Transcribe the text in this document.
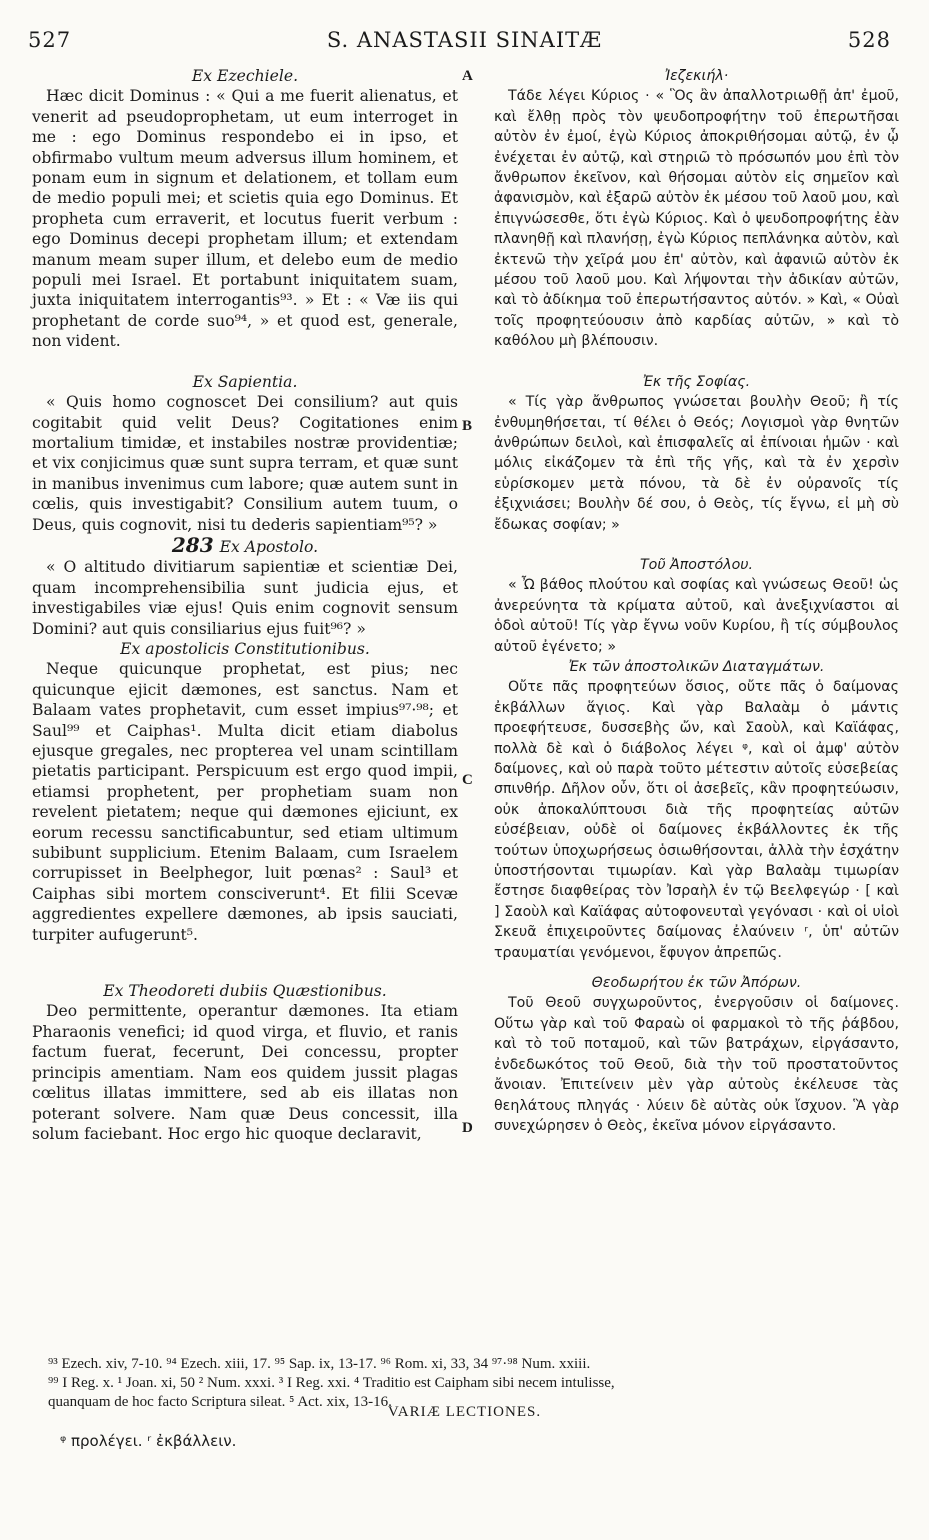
527	S. ANASTASII SINAITÆ	528
A
B
C
D

Ex Ezechiele.

Hæc dicit Dominus : « Qui a me fuerit alienatus, et venerit ad pseudoprophetam, ut eum interroget in me : ego Dominus respondebo ei in ipso, et obfirmabo vultum meum adversus illum hominem, et ponam eum in signum et delationem, et tollam eum de medio populi mei; et scietis quia ego Dominus. Et propheta cum erraverit, et locutus fuerit verbum : ego Dominus decepi prophetam illum; et extendam manum meam super illum, et delebo eum de medio populi mei Israel. Et portabunt iniquitatem suam, juxta iniquitatem interrogantis⁹³. » Et : « Væ iis qui prophetant de corde suo⁹⁴, » et quod est, generale, non vident.

Ex Sapientia.

« Quis homo cognoscet Dei consilium? aut quis cogitabit quid velit Deus? Cogitationes enim mortalium timidæ, et instabiles nostræ providentiæ; et vix conjicimus quæ sunt supra terram, et quæ sunt in manibus invenimus cum labore; quæ autem sunt in cœlis, quis investigabit? Consilium autem tuum, o Deus, quis cognovit, nisi tu dederis sapientiam⁹⁵? »

283 Ex Apostolo.

« O altitudo divitiarum sapientiæ et scientiæ Dei, quam incomprehensibilia sunt judicia ejus, et investigabiles viæ ejus! Quis enim cognovit sensum Domini? aut quis consiliarius ejus fuit⁹⁶? »

Ex apostolicis Constitutionibus.

Neque quicunque prophetat, est pius; nec quicunque ejicit dæmones, est sanctus. Nam et Balaam vates prophetavit, cum esset impius⁹⁷·⁹⁸; et Saul⁹⁹ et Caiphas¹. Multa dicit etiam diabolus ejusque gregales, nec propterea vel unam scintillam pietatis participant. Perspicuum est ergo quod impii, etiamsi prophetent, per prophetiam suam non revelent pietatem; neque qui dæmones ejiciunt, ex eorum recessu sanctificabuntur, sed etiam ultimum subibunt supplicium. Etenim Balaam, cum Israelem corrupisset in Beelphegor, luit pœnas² : Saul³ et Caiphas sibi mortem consciverunt⁴. Et filii Scevæ aggredientes expellere dæmones, ab ipsis sauciati, turpiter aufugerunt⁵.

Ex Theodoreti dubiis Quæstionibus.

Deo permittente, operantur dæmones. Ita etiam Pharaonis venefici; id quod virga, et fluvio, et ranis factum fuerat, fecerunt, Dei concessu, propter principis amentiam. Nam eos quidem jussit plagas cœlitus illatas immittere, sed ab eis illatas non poterant solvere. Nam quæ Deus concessit, illa solum faciebant. Hoc ergo hic quoque declaravit,

Ἰεζεκιήλ·

Τάδε λέγει Κύριος · « Ὃς ἂν ἀπαλλοτριωθῇ ἀπ' ἐμοῦ, καὶ ἔλθῃ πρὸς τὸν ψευδοπροφήτην τοῦ ἐπερωτῆσαι αὐτὸν ἐν ἐμοί, ἐγὼ Κύριος ἀποκριθήσομαι αὐτῷ, ἐν ᾧ ἐνέχεται ἐν αὐτῷ, καὶ στηριῶ τὸ πρόσωπόν μου ἐπὶ τὸν ἄνθρωπον ἐκεῖνον, καὶ θήσομαι αὐτὸν εἰς σημεῖον καὶ ἀφανισμὸν, καὶ ἐξαρῶ αὐτὸν ἐκ μέσου τοῦ λαοῦ μου, καὶ ἐπιγνώσεσθε, ὅτι ἐγὼ Κύριος. Καὶ ὁ ψευδοπροφήτης ἐὰν πλανηθῇ καὶ πλανήσῃ, ἐγὼ Κύριος πεπλάνηκα αὐτὸν, καὶ ἐκτενῶ τὴν χεῖρά μου ἐπ' αὐτὸν, καὶ ἀφανιῶ αὐτὸν ἐκ μέσου τοῦ λαοῦ μου. Καὶ λήψονται τὴν ἀδικίαν αὐτῶν, καὶ τὸ ἀδίκημα τοῦ ἐπερωτήσαντος αὐτόν. » Καὶ, « Οὐαὶ τοῖς προφητεύουσιν ἀπὸ καρδίας αὐτῶν, » καὶ τὸ καθόλου μὴ βλέπουσιν.

Ἐκ τῆς Σοφίας.

« Τίς γὰρ ἄνθρωπος γνώσεται βουλὴν Θεοῦ; ἢ τίς ἐνθυμηθήσεται, τί θέλει ὁ Θεός; Λογισμοὶ γὰρ θνητῶν ἀνθρώπων δειλοὶ, καὶ ἐπισφαλεῖς αἱ ἐπίνοιαι ἡμῶν · καὶ μόλις εἰκάζομεν τὰ ἐπὶ τῆς γῆς, καὶ τὰ ἐν χερσὶν εὑρίσκομεν μετὰ πόνου, τὰ δὲ ἐν οὐρανοῖς τίς ἐξιχνιάσει; Βουλὴν δέ σου, ὁ Θεὸς, τίς ἔγνω, εἰ μὴ σὺ ἔδωκας σοφίαν; »

Τοῦ Ἀποστόλου.

« Ὦ βάθος πλούτου καὶ σοφίας καὶ γνώσεως Θεοῦ! ὡς ἀνερεύνητα τὰ κρίματα αὐτοῦ, καὶ ἀνεξιχνίαστοι αἱ ὁδοὶ αὐτοῦ! Τίς γὰρ ἔγνω νοῦν Κυρίου, ἢ τίς σύμβουλος αὐτοῦ ἐγένετο; »

Ἐκ τῶν ἀποστολικῶν Διαταγμάτων.

Οὔτε πᾶς προφητεύων ὅσιος, οὔτε πᾶς ὁ δαίμονας ἐκβάλλων ἅγιος. Καὶ γὰρ Βαλαὰμ ὁ μάντις προεφήτευσε, δυσσεβὴς ὤν, καὶ Σαοὺλ, καὶ Καϊάφας, πολλὰ δὲ καὶ ὁ διάβολος λέγει ᵠ, καὶ οἱ ἀμφ' αὐτὸν δαίμονες, καὶ οὐ παρὰ τοῦτο μέτεστιν αὐτοῖς εὐσεβείας σπινθήρ. Δῆλον οὖν, ὅτι οἱ ἀσεβεῖς, κἂν προφητεύωσιν, οὐκ ἀποκαλύπτουσι διὰ τῆς προφητείας αὐτῶν εὐσέβειαν, οὐδὲ οἱ δαίμονες ἐκβάλλοντες ἐκ τῆς τούτων ὑποχωρήσεως ὁσιωθήσονται, ἀλλὰ τὴν ἐσχάτην ὑποστήσονται τιμωρίαν. Καὶ γὰρ Βαλαὰμ τιμωρίαν ἔστησε διαφθείρας τὸν Ἰσραὴλ ἐν τῷ Βεελφεγώρ · [ καὶ ] Σαοὺλ καὶ Καϊάφας αὐτοφονευταὶ γεγόνασι · καὶ οἱ υἱοὶ Σκευᾶ ἐπιχειροῦντες δαίμονας ἐλαύνειν ʳ, ὑπ' αὐτῶν τραυματίαι γενόμενοι, ἔφυγον ἀπρεπῶς.

Θεοδωρήτου ἐκ τῶν Ἀπόρων.

Τοῦ Θεοῦ συγχωροῦντος, ἐνεργοῦσιν οἱ δαίμονες. Οὕτω γὰρ καὶ τοῦ Φαραὼ οἱ φαρμακοὶ τὸ τῆς ῥάβδου, καὶ τὸ τοῦ ποταμοῦ, καὶ τῶν βατράχων, εἰργάσαντο, ἐνδεδωκότος τοῦ Θεοῦ, διὰ τὴν τοῦ προστατοῦντος ἄνοιαν. Ἐπιτείνειν μὲν γὰρ αὐτοὺς ἐκέλευσε τὰς θεηλάτους πληγάς · λύειν δὲ αὐτὰς οὐκ ἴσχυον. Ἃ γὰρ συνεχώρησεν ὁ Θεὸς, ἐκεῖνα μόνον εἰργάσαντο.

⁹³ Ezech. xiv, 7-10. ⁹⁴ Ezech. xiii, 17. ⁹⁵ Sap. ix, 13-17. ⁹⁶ Rom. xi, 33, 34 ⁹⁷·⁹⁸ Num. xxiii.
⁹⁹ I Reg. x. ¹ Joan. xi, 50 ² Num. xxxi. ³ I Reg. xxi. ⁴ Traditio est Caipham sibi necem intulisse,
quanquam de hoc facto Scriptura sileat. ⁵ Act. xix, 13-16.
VARIÆ LECTIONES.
ᵠ προλέγει. ʳ ἐκβάλλειν.
